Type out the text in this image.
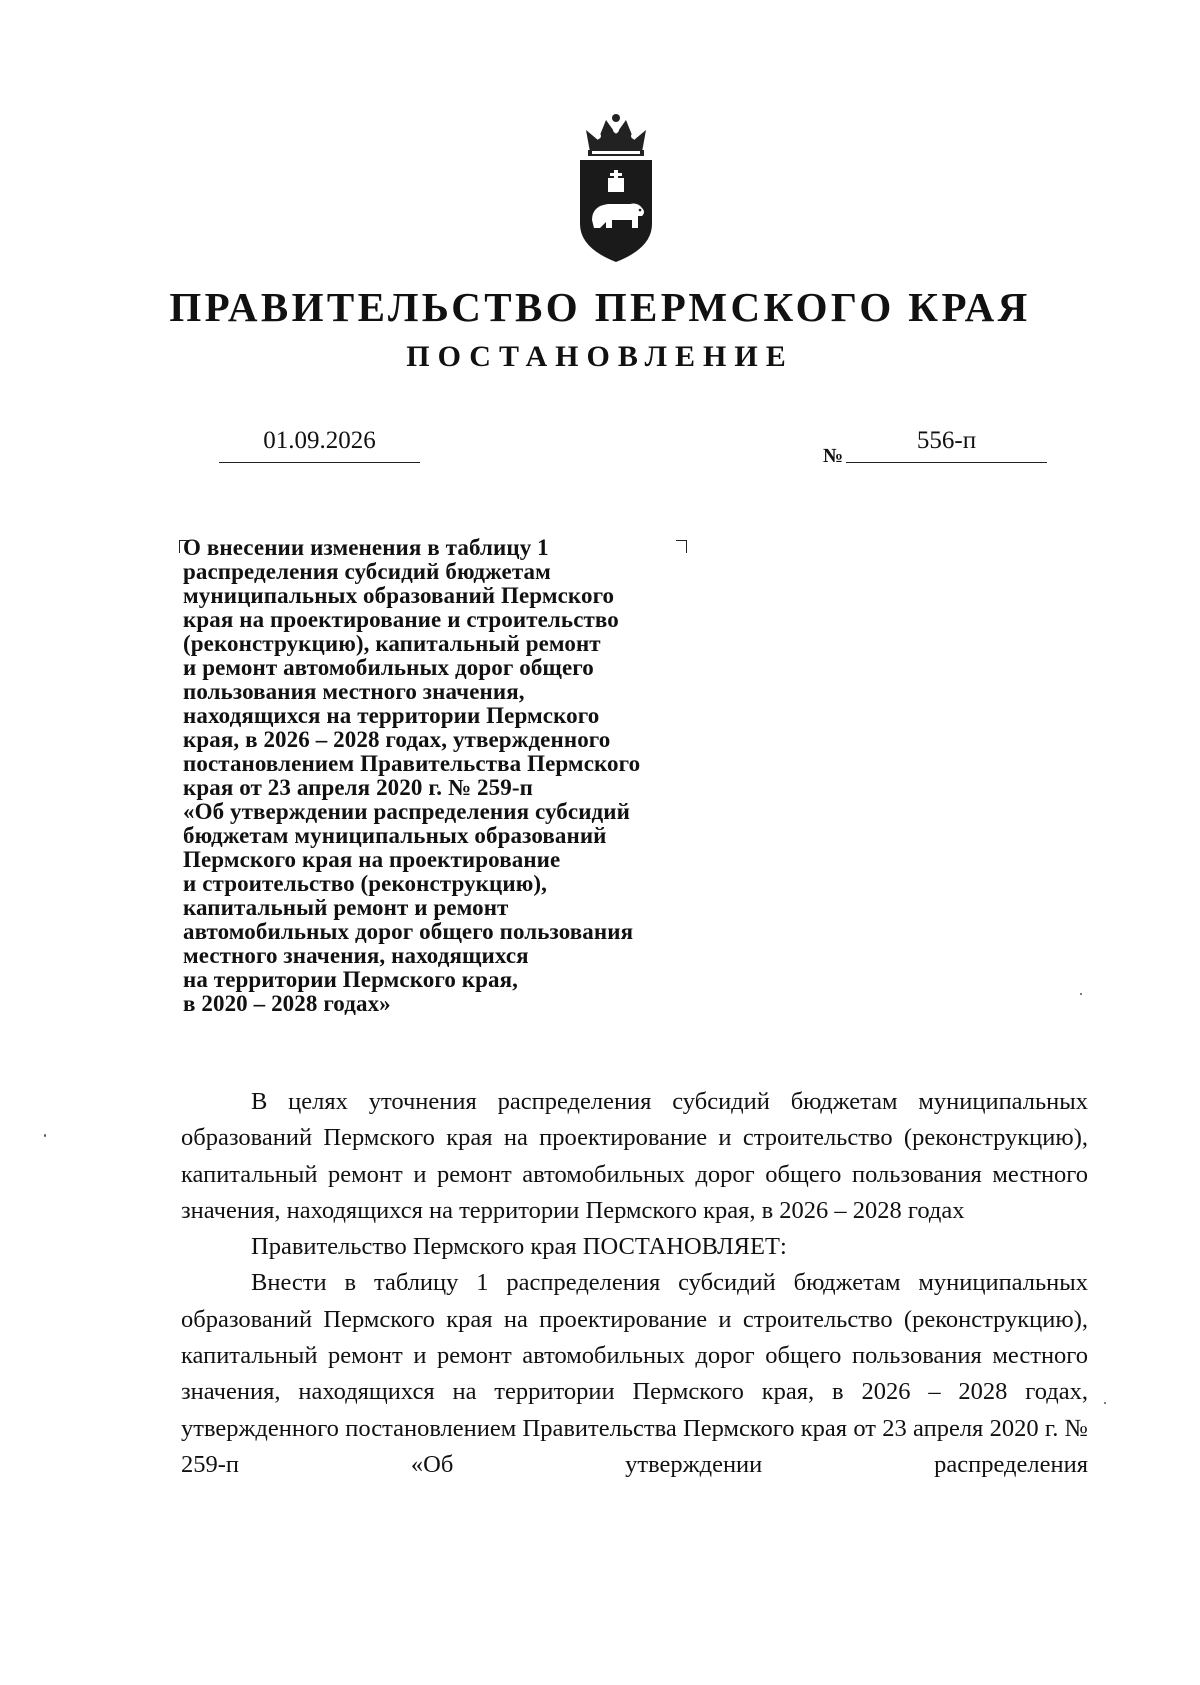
ПРАВИТЕЛЬСТВО ПЕРМСКОГО КРАЯ
ПОСТАНОВЛЕНИЕ
01.09.2026
№
556-п
О внесении изменения в таблицу 1
распределения субсидий бюджетам
муниципальных образований Пермского
края на проектирование и строительство
(реконструкцию), капитальный ремонт
и ремонт автомобильных дорог общего
пользования местного значения,
находящихся на территории Пермского
края, в 2026 – 2028 годах, утвержденного
постановлением Правительства Пермского
края от 23 апреля 2020 г. № 259-п
«Об утверждении распределения субсидий
бюджетам муниципальных образований
Пермского края на проектирование
и строительство (реконструкцию),
капитальный ремонт и ремонт
автомобильных дорог общего пользования
местного значения, находящихся
на территории Пермского края,
в 2020 – 2028 годах»

В целях уточнения распределения субсидий бюджетам муниципальных образований Пермского края на проектирование и строительство (реконструкцию), капитальный ремонт и ремонт автомобильных дорог общего пользования местного значения, находящихся на территории Пермского края, в 2026 – 2028 годах

Правительство Пермского края ПОСТАНОВЛЯЕТ:

Внести в таблицу 1 распределения субсидий бюджетам муниципальных образований Пермского края на проектирование и строительство (реконструкцию), капитальный ремонт и ремонт автомобильных дорог общего пользования местного значения, находящихся на территории Пермского края, в 2026 – 2028 годах, утвержденного постановлением Правительства Пермского края от 23 апреля 2020 г. № 259-п «Об утверждении распределения
